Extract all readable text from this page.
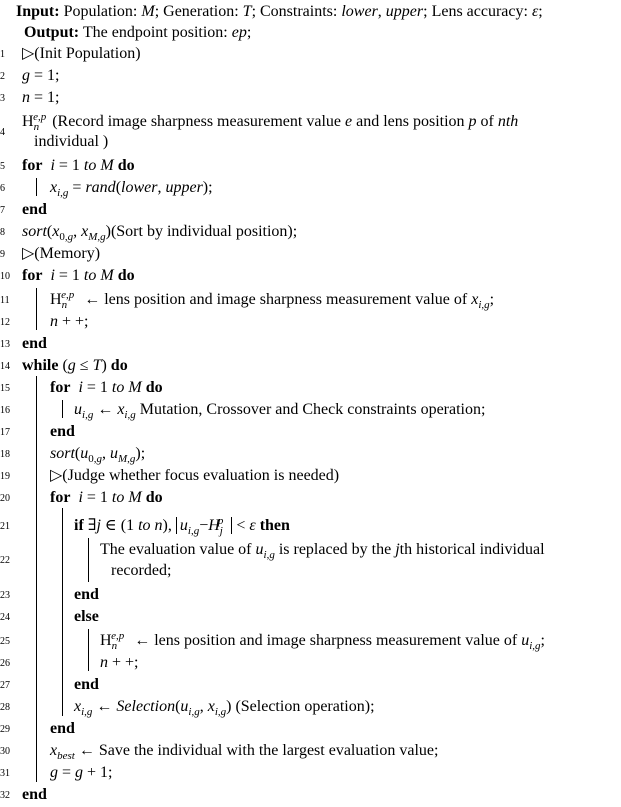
Input: Population: M; Generation: T; Constraints: lower, upper; Lens accuracy: ε;
Output: The endpoint position: ep;
1	▷(Init Population)
2	g = 1;
3	n = 1;
4
$H_n^{e,p}$ (Record image sharpness measurement value e and lens position p of nth
individual )
5	for i = 1 to M do
6	$x_{i,g}$ = rand(lower, upper);
7	end
8	$sort(x_{0,g}$, $x_{M,g})(Sort$ by individual position);
9	▷(Memory)
10 for i = 1 to M do
11	$H_n^{e,p}$ ← lens position and image sharpness measurement value of $x_{i,g}$;
12	n + +;
13 end
14 while (g ≤ T) do
15	for i = 1 to M do
16	$u_{i,g}$ ← $x_{i,g}$ Mutation, Crossover and Check constraints operation;
17	end
18	$sort(u_{0,g}$, $u_{M,g}$);
19	▷(Judge whether focus evaluation is needed)
20	for i = 1 to M do
21	if ∃j ∈ (1 to n), $u_{i,g}-H_j^p < \varepsilon$ then
22
The evaluation value of $u_{i,g}$ is replaced by the jth historical individual
recorded;
23	end
24	else
25	$H_n^{e,p}$ ← lens position and image sharpness measurement value of $u_{i,g}$;
26	n + +;
27	end
28	$x_{i,g}$ ← $Selection(u_{i,g}$, $x_{i,g}$) (Selection operation);
29	end
30	$x_{best}$ ← Save the individual with the largest evaluation value;
31	g = g + 1;
32 end
